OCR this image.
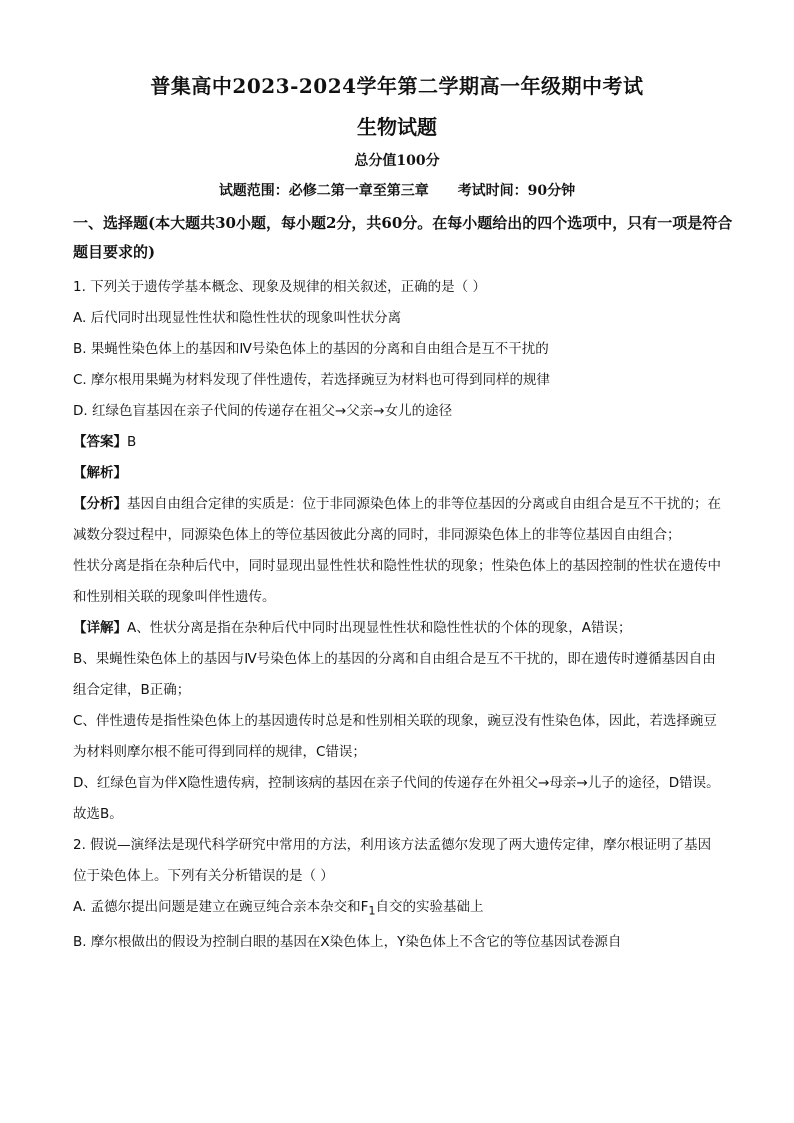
普集高中2023-2024学年第二学期高一年级期中考试
生物试题
总分值100分
试题范围：必修二第一章至第三章 考试时间：90分钟
一、选择题(本大题共30小题，每小题2分，共60分。在每小题给出的四个选项中，只有一项是符合题目要求的)

1. 下列关于遗传学基本概念、现象及规律的相关叙述，正确的是（ ）

A. 后代同时出现显性性状和隐性性状的现象叫性状分离

B. 果蝇性染色体上的基因和Ⅳ号染色体上的基因的分离和自由组合是互不干扰的

C. 摩尔根用果蝇为材料发现了伴性遗传，若选择豌豆为材料也可得到同样的规律

D. 红绿色盲基因在亲子代间的传递存在祖父→父亲→女儿的途径

【答案】B

【解析】

【分析】基因自由组合定律的实质是：位于非同源染色体上的非等位基因的分离或自由组合是互不干扰的；在减数分裂过程中，同源染色体上的等位基因彼此分离的同时，非同源染色体上的非等位基因自由组合；

性状分离是指在杂种后代中，同时显现出显性性状和隐性性状的现象；性染色体上的基因控制的性状在遗传中和性别相关联的现象叫伴性遗传。

【详解】A、性状分离是指在杂种后代中同时出现显性性状和隐性性状的个体的现象，A错误；

B、果蝇性染色体上的基因与Ⅳ号染色体上的基因的分离和自由组合是互不干扰的，即在遗传时遵循基因自由组合定律，B正确；

C、伴性遗传是指性染色体上的基因遗传时总是和性别相关联的现象，豌豆没有性染色体，因此，若选择豌豆为材料则摩尔根不能可得到同样的规律，C错误；

D、红绿色盲为伴X隐性遗传病，控制该病的基因在亲子代间的传递存在外祖父→母亲→儿子的途径，D错误。

故选B。

2. 假说—演绎法是现代科学研究中常用的方法，利用该方法孟德尔发现了两大遗传定律，摩尔根证明了基因位于染色体上。下列有关分析错误的是（ ）

A. 孟德尔提出问题是建立在豌豆纯合亲本杂交和$F_1$自交的实验基础上

B. 摩尔根做出的假设为控制白眼的基因在X染色体上，Y染色体上不含它的等位基因试卷源自
